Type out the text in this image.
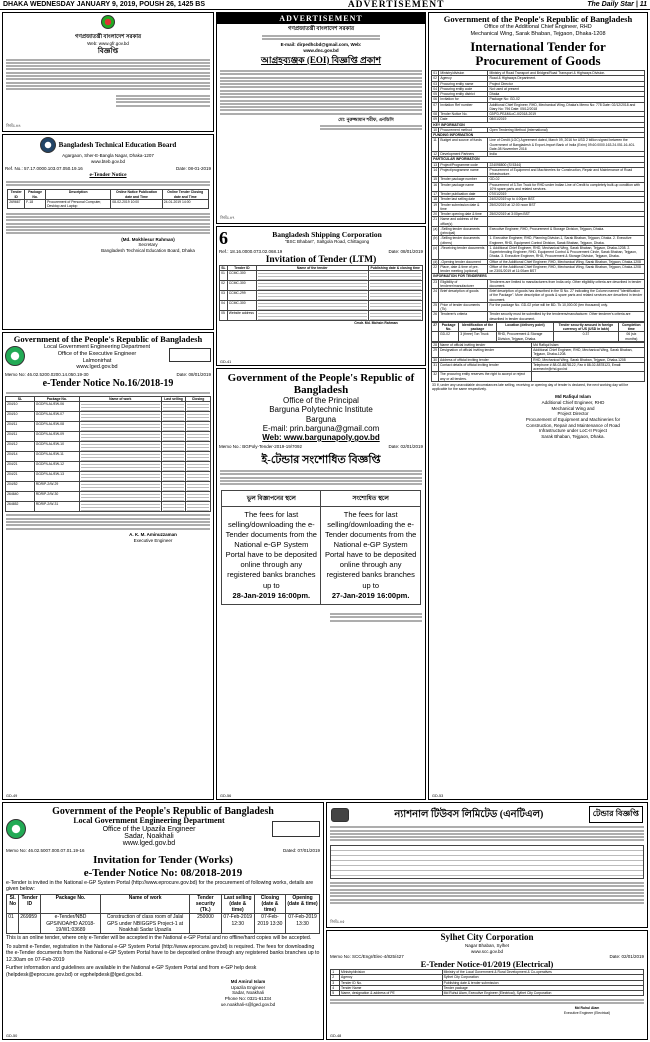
DHAKA WEDNESDAY JANUARY 9, 2019, POUSH 26, 1425 BS	ADVERTISEMENT	The Daily Star | 11
গণপ্রজাতন্ত্রী বাংলাদেশ সরকার
Web: www.gfr.gov.bd
বিজ্ঞপ্তি
জিডি-৪৪
Bangladesh Technical Education Board
Agargaon, Sher-E-Bangla Nagar, Dhaka-1207
www.bteb.gov.bd
Ref. No.: 57.17.0000.103.07.050.19.16	Date: 08-01-2019
e-Tender Notice
Tender ID	Package No.	Description	Online Notice Publication date and Time	Online Tender Closing date and Time
269667	F-18	Procurement of Personal Computer, Desktop and Laptop	08-02-2019 10:00	24-01-2019 14:00
(Md. Mokhlesur Rahman)
Secretary
Bangladesh Technical Education Board, Dhaka
Government of the People's Republic of Bangladesh
Local Government Engineering Department
Office of the Executive Engineer
Lalmonirhat
www.lged.gov.bd
Memo No: 46.02.5200.0200.14.050.19-30	Date: 08/01/2019
e-Tender Notice No.16/2018-19
SL	Package No.	Name of work	Last selling	Closing
204/10	GGDP/LAL/EW-06	

204/10	GGDP/LAL/EW-07	

204/11	GGDP/LAL/EW-08	

204/11	GGDP/LAL/EW-09	

204/12	GGDP/LAL/EW-10	

204/14	GGDP/LAL/EW-11	

204/21	GGDP/LAL/EW-12	

204/21	GGDP/LAL/EW-13	

204/52	RDRIP-2/W-29	

264640	RDRIP-2/W-30	

264652	RDRIP-2/W-31	

A. K. M. Aminuzzaman
Executive Engineer
GD-49
ADVERTISEMENT
গণপ্রজাতন্ত্রী বাংলাদেশ সরকার
E-mail: dirpedhcbd@gmail.com, Web:
www.dnc.gov.bd
আগ্রহব্যঞ্জক (EOI) বিজ্ঞপ্তি প্রকাশ
মো: নুরুজ্জামান শরীফ, এনডিসি
জিডি-৪৭
6	Bangladesh Shipping Corporation
"BSC Bhaban", Saltgola Road, Chittagong
Ref.: 18.16.0000.073.02.068.19	Date: 08/01/2019
Invitation of Tender (LTM)
SL	Tender ID	Name of the tender	Publishing date & closing time
01	CCMC-300	

02	CCMC-300	

03	CCMC-299	

04	CCMC-300	

05	Website address	

Cmdr. Md. Mohsin Rahman
GD-41
Government of the People's Republic of Bangladesh
Office of the Principal
Barguna Polytechnic Institute
Barguna
E-mail: prin.barguna@gmail.com
Web: www.bargunapoly.gov.bd
Memo No.: BGPoly-Tender-2019-19/7092	Date: 02/01/2019
ই-টেন্ডার সংশোধিত বিজ্ঞপ্তি
ভুল বিজ্ঞাপনের স্থলে	সংশোধিত স্থলে
The fees for last selling/downloading the e-Tender documents from the National e-GP System Portal have to be deposited online through any registered banks branches up to
28-Jan-2019 16:00pm.	The fees for last selling/downloading the e-Tender documents from the National e-GP System Portal have to be deposited online through any registered banks branches up to
27-Jan-2019 16:00pm.
GD-56
Government of the People's Republic of Bangladesh
Office of the Additional Chief Engineer, RHD
Mechanical Wing, Sarak Bhaban, Tejgaon, Dhaka-1208
International Tender for
Procurement of Goods
01	Ministry/division	Ministry of Road Transport and Bridges/Road Transport & Highways Division.
02	Agency	Road & Highways Department.
03	Procuring entity name	Project Director
04	Procuring entity code	Not used at present
05	Procuring entity district	Dhaka
06	Invitation for	Package No: GD-02
07	Invitation Ref number	Additional Chief Engineer, RHD, Mechanical Wing, Dhaka's Memo No: 778 Date: 02/12/2018 and Diary No: 796 Date: 05/12/2018
08	Tender Notice No.	02/PD-PE&MLoC-II/2018-2019
09	Date	08/01/2019
KEY INFORMATION		
10	Procurement method	Open Tendering Method (International)
FUNDING INFORMATION		
11	Budget and source of funds	Line of Credit (LOC) Agreement dated, March 09, 2016 for USD 2 billion signed between the Government of Bangladesh & Export-Import Bank of India (Exim) 09.60.0000.163.24.051.16-401. Date-08 November 2016
12	Development Partners	India
PARTICULAR INFORMATION		
13	Project/Programme code	224098800 (Sl 5344)
14	Project/programme name	Procurement of Equipment and Machineries for Construction, Repair and Maintenance of Road Infrastructure.
15	Tender package number	GD-02
16	Tender package name	Procurement of 3-Ton Truck for RHD under Indian Line of Credit to completely built-up condition with 10% spare parts and related services.
17	Tender publication date	07/01/2019
18	Tender last selling date	24/02/2019 up to 4:00pm BST.
19	Tender submission date & time	25/02/2019 at 12:00 noon BST
20	Tender opening date & time	25/02/2019 at 3:00pm BST
21	Name and address of the office(s)	
(a)	-Selling tender documents (principal)	Executive Engineer, RHD, Procurement & Storage Division, Tejgaon, Dhaka.
(b)	-Selling tender documents (others)	1. Executive Engineer, RHD, Planning Division-1, Sarak Bhaban, Tejgaon, Dhaka. 2. Executive Engineer, RHD, Equipment Control Division, Sarak Bhaban, Tejgaon, Dhaka.
(c)	-Receiving tender documents	1. Additional Chief Engineer, RHD, Mechanical Wing, Sarak Bhaban, Tejgaon, Dhaka-1208. 2. Superintending Engineer, RHD, Equipment Control & Procurement Circle, Sarak Bhaban, Tejgaon, Dhaka. 3. Executive Engineer, RHD, Procurement & Storage Division, Tejgaon, Dhaka.
(d)	-Opening tender document	Office of the Additional Chief Engineer, RHD, Mechanical Wing, Sarak Bhaban, Tejgaon, Dhaka-1208
22	Place, date & time of pre-tender meeting (optional)	Office of the Additional Chief Engineer, RHD, Mechanical Wing, Sarak Bhaban, Tejgaon, Dhaka-1208 on 23/01/2019 at 11:00am BST
INFORMATION FOR TENDERERS		
23	Eligibility of tenderer/manufacturer	Tenderers are limited to manufacturers from India only. Other eligibility criteria are described in tender document.
24	Brief description of goods	Brief description of goods has described in the Sl No. 27 indicating the Column named "Identification of the Package". More description of goods & spare parts and related services are described in tender document.
25	Price of tender documents (Tk)	For the package No. GD-02 price will be BD- Tk 10,000.00 (ten thousand) only.
26	Tenderer's criteria	Tender security must be submitted by the tenderers/manufacturer. Other tenderer's criteria are described in tender document.
27	Package No.	Identification of the package	Location (delivery point)	Tender security amount in foreign currency of US (USD in lakh)	Completion time
	GD-02	3 (three) Ton Truck	RHD, Procurement & Storage Division, Tejgaon, Dhaka.	0.37	06 (six months)
28	Name of official inviting tender	Md Rafiqul Islam
29	Designation of official inviting tender	Additional Chief Engineer, RHD, Mechanical Wing, Sarak Bhaban, Tejgaon, Dhaka-1208.
30	Address of official inviting tender	RHD, Mechanical Wing, Sarak Bhaban, Tejgaon, Dhaka-1208
31	Contact details of official inviting tender	Telephone # 88-02-8878122, Fax # 88-02-8878123, Email: acemechr@rhd.gov.bd
32	The procuring entity reserves the right to accept or reject any or all tenders.	
33 If, under any unavoidable circumstances late selling, receiving or opening day of tender is declared, the next working day will be applicable for the same respectively.
Md Rafiqul Islam
Additional Chief Engineer, RHD
Mechanical Wing and
Project Director
Procurement of Equipment and Machineries for
Construction, Repair and Maintenance of Road
Infrastructure under LoC-II Project
Sarak Bhaban, Tejgaon, Dhaka.
GD-53
Government of the People's Republic of Bangladesh
Local Government Engineering Department
Office of the Upazila Engineer
Sadar, Noakhali
www.lged.gov.bd
Memo No: 46.02.5007.000.07.01.19-16	Dated: 07/01/2019
Invitation for Tender (Works)
e-Tender Notice No: 08/2018-2019
e-Tender is invited in the National e-GP System Portal (http://www.eprocure.gov.bd) for the procurement of following works, details are given below:
Sl. No	Tender ID	Package No.	Name of work	Tender security (Tk.)	Last selling (date & time)	Closing (date & time)	Opening (date & time)
01	269959	e-Tender/NBD GPS/NOA/HD A2018-19/W1:03689	Construction of class room of Jalal GPS under NBIGGPS Project-1 at Noakhali Sadar Upazila	250000	07-Feb-2019 12:30	07-Feb-2019 13:30	07-Feb-2019 13:30
This is an online tender, where only e-Tender will be accepted in the National e-GP Portal and no offline/hard copies will be accepted.
To submit e-Tender, registration in the National e-GP System Portal (http://www.eprocure.gov.bd) is required. The fees for downloading the e-Tender documents from the National e-GP System Portal have to be deposited online through any registered banks branches up to 12.30am on 07-Feb-2019
Further information and guidelines are available in the National e-GP System Portal and from e-GP help desk (helpdesk@eprocure.gov.bd) or egphelpdesk@lged.gov.bd.
Md Amirul Islam
Upazila Engineer
Sadar, Noakhali
Phone No: 0321-61334
ue.noakhali-s@lged.gov.bd
GD-50
ন্যাশনাল টিউবস লিমিটেড (এনটিএল)	টেন্ডার বিজ্ঞপ্তি
জিডি-৪৫
Sylhet City Corporation
Nagar Bhaban, Sylhet
www.scc.gov.bd
Memo No: SCC/Engr/Elec-4/825/427	Date: 02/01/2019
E-Tender Notice-01/2019 (Electrical)
1	Ministry/division	Ministry of the Local Government & Rural Development & Co-operatives
2	Agency	Sylhet City Corporation
3	Tender ID No.	Publishing date & tender submission
4	Tender Name	Tender package
5	Name, designation & address of PE	Md Ruhul Alam, Executive Engineer (Electrical), Sylhet City Corporation
Md Ruhul Alam
Executive Engineer (Electrical)
GD-48
